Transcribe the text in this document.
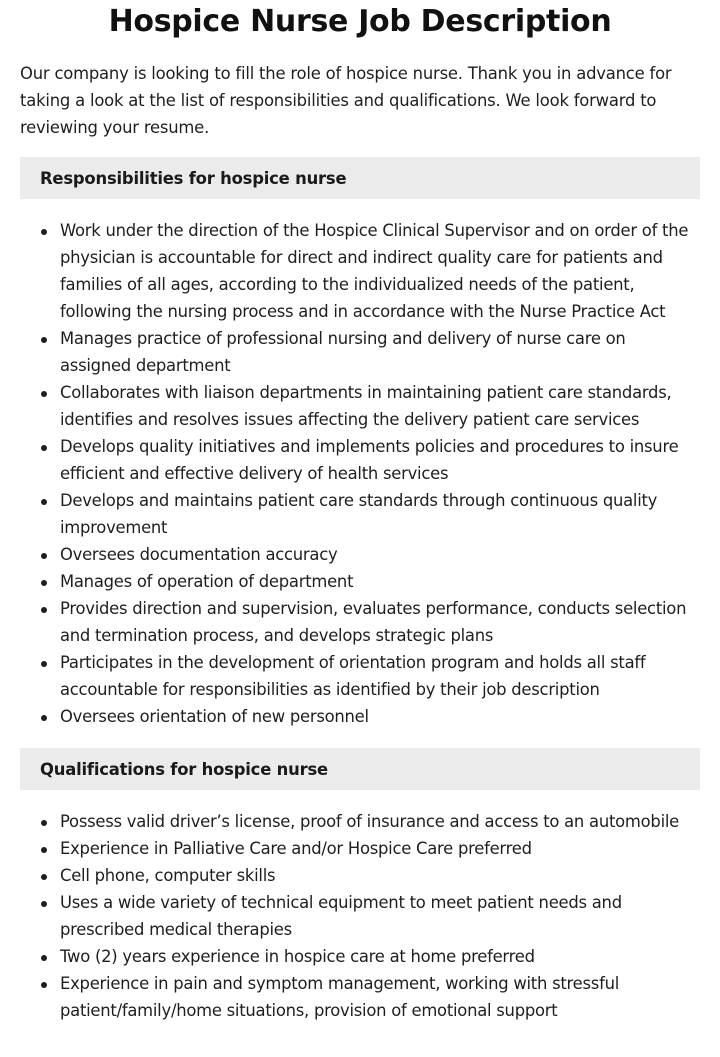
Hospice Nurse Job Description

Our company is looking to fill the role of hospice nurse. Thank you in advance for taking a look at the list of responsibilities and qualifications. We look forward to reviewing your resume.

Responsibilities for hospice nurse
Work under the direction of the Hospice Clinical Supervisor and on order of the physician is accountable for direct and indirect quality care for patients and families of all ages, according to the individualized needs of the patient, following the nursing process and in accordance with the Nurse Practice Act
Manages practice of professional nursing and delivery of nurse care on assigned department
Collaborates with liaison departments in maintaining patient care standards, identifies and resolves issues affecting the delivery patient care services
Develops quality initiatives and implements policies and procedures to insure efficient and effective delivery of health services
Develops and maintains patient care standards through continuous quality improvement
Oversees documentation accuracy
Manages of operation of department
Provides direction and supervision, evaluates performance, conducts selection and termination process, and develops strategic plans
Participates in the development of orientation program and holds all staff accountable for responsibilities as identified by their job description
Oversees orientation of new personnel
Qualifications for hospice nurse
Possess valid driver’s license, proof of insurance and access to an automobile
Experience in Palliative Care and/or Hospice Care preferred
Cell phone, computer skills
Uses a wide variety of technical equipment to meet patient needs and prescribed medical therapies
Two (2) years experience in hospice care at home preferred
Experience in pain and symptom management, working with stressful patient/family/home situations, provision of emotional support
